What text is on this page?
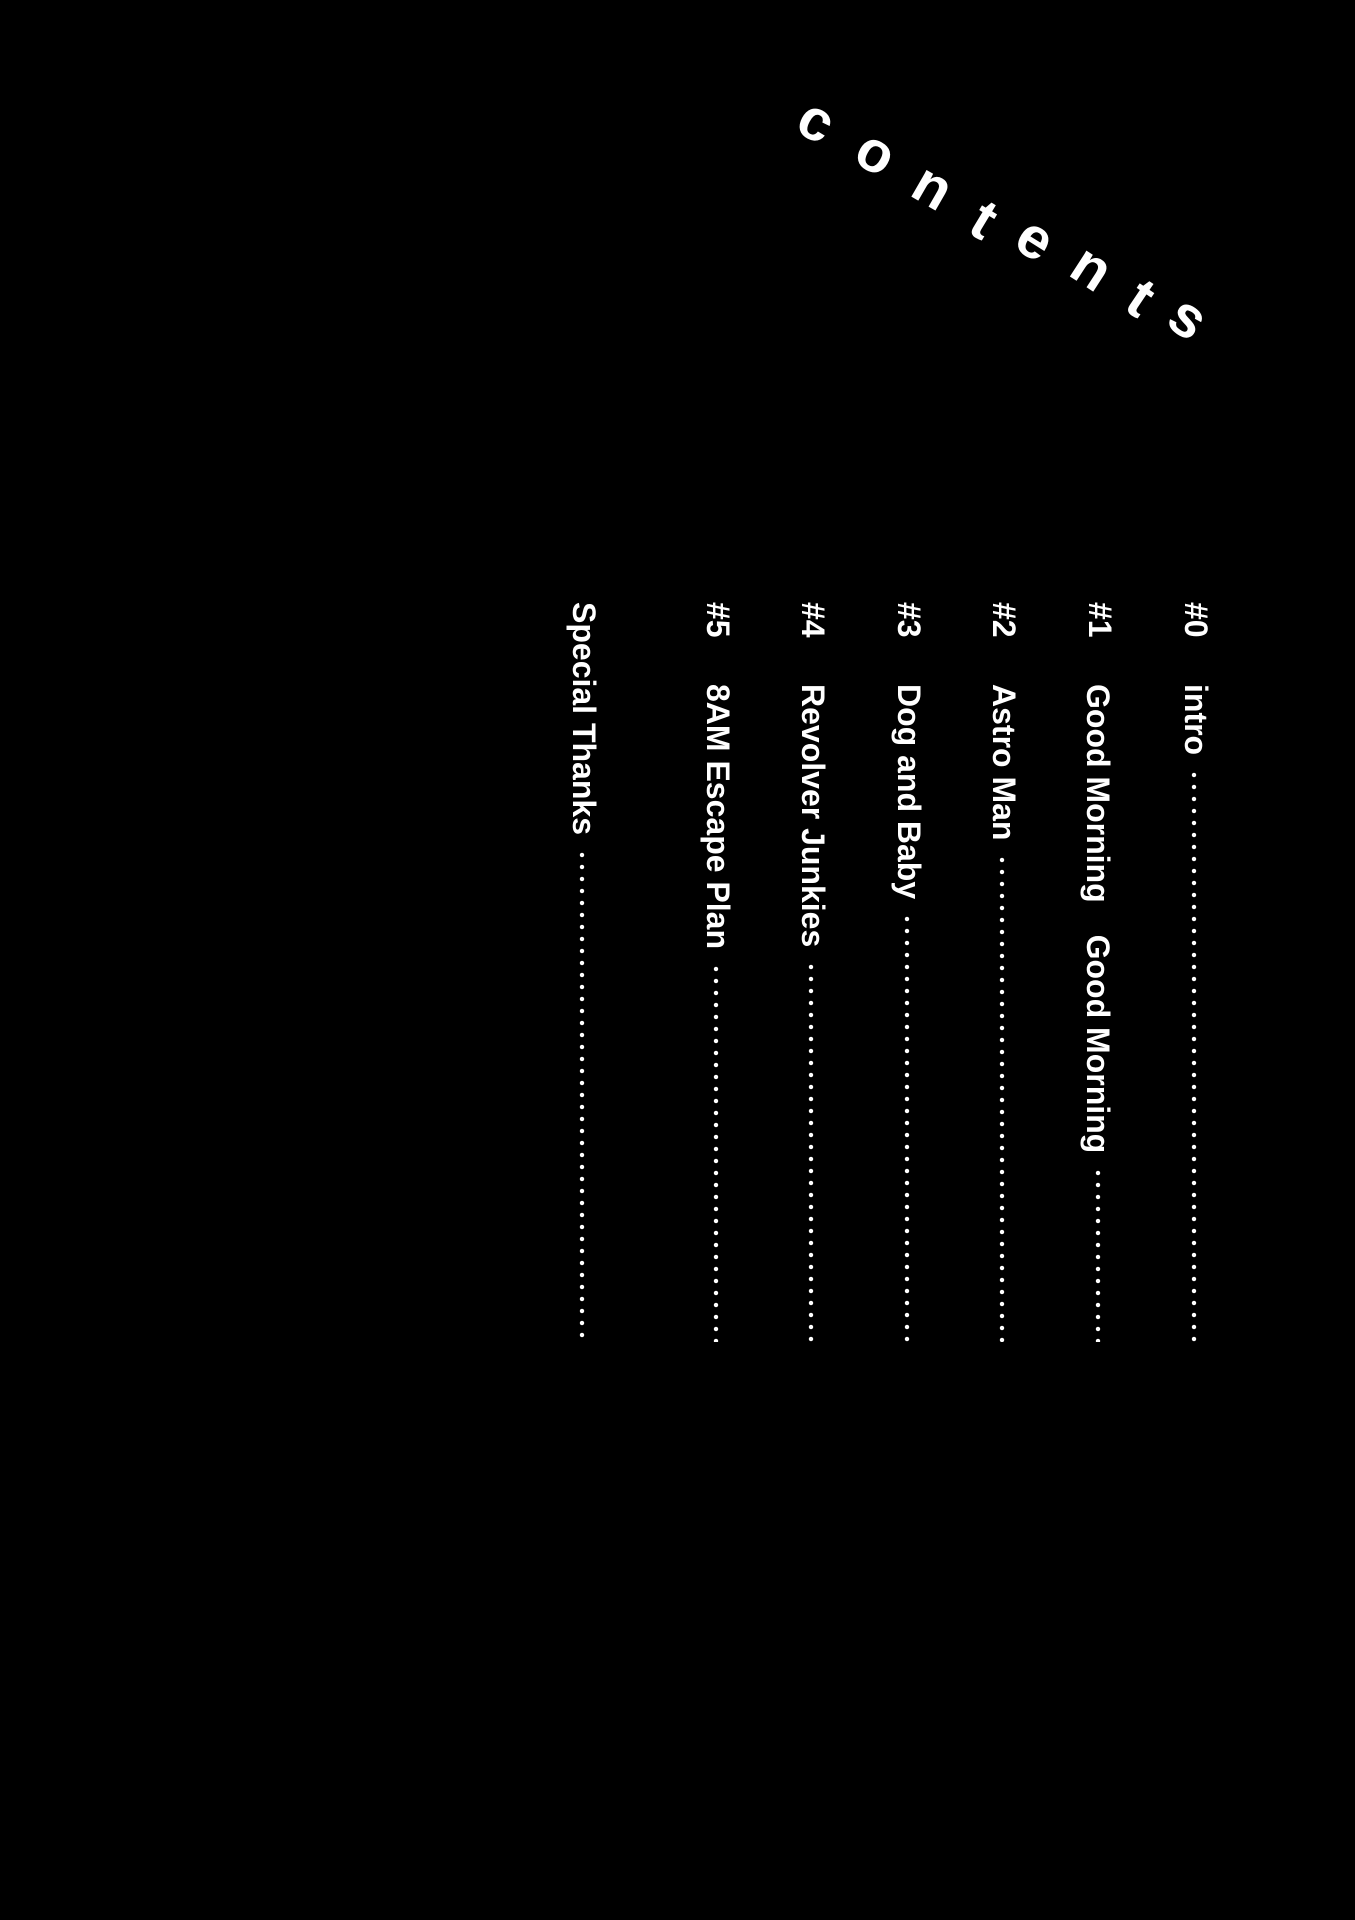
c
o
n
t
e
n
t
s
#0
intro
#1
Good Morning　Good Morning
#2
Astro Man
#3
Dog and Baby
#4
Revolver Junkies
#5
8AM Escape Plan
Special Thanks
